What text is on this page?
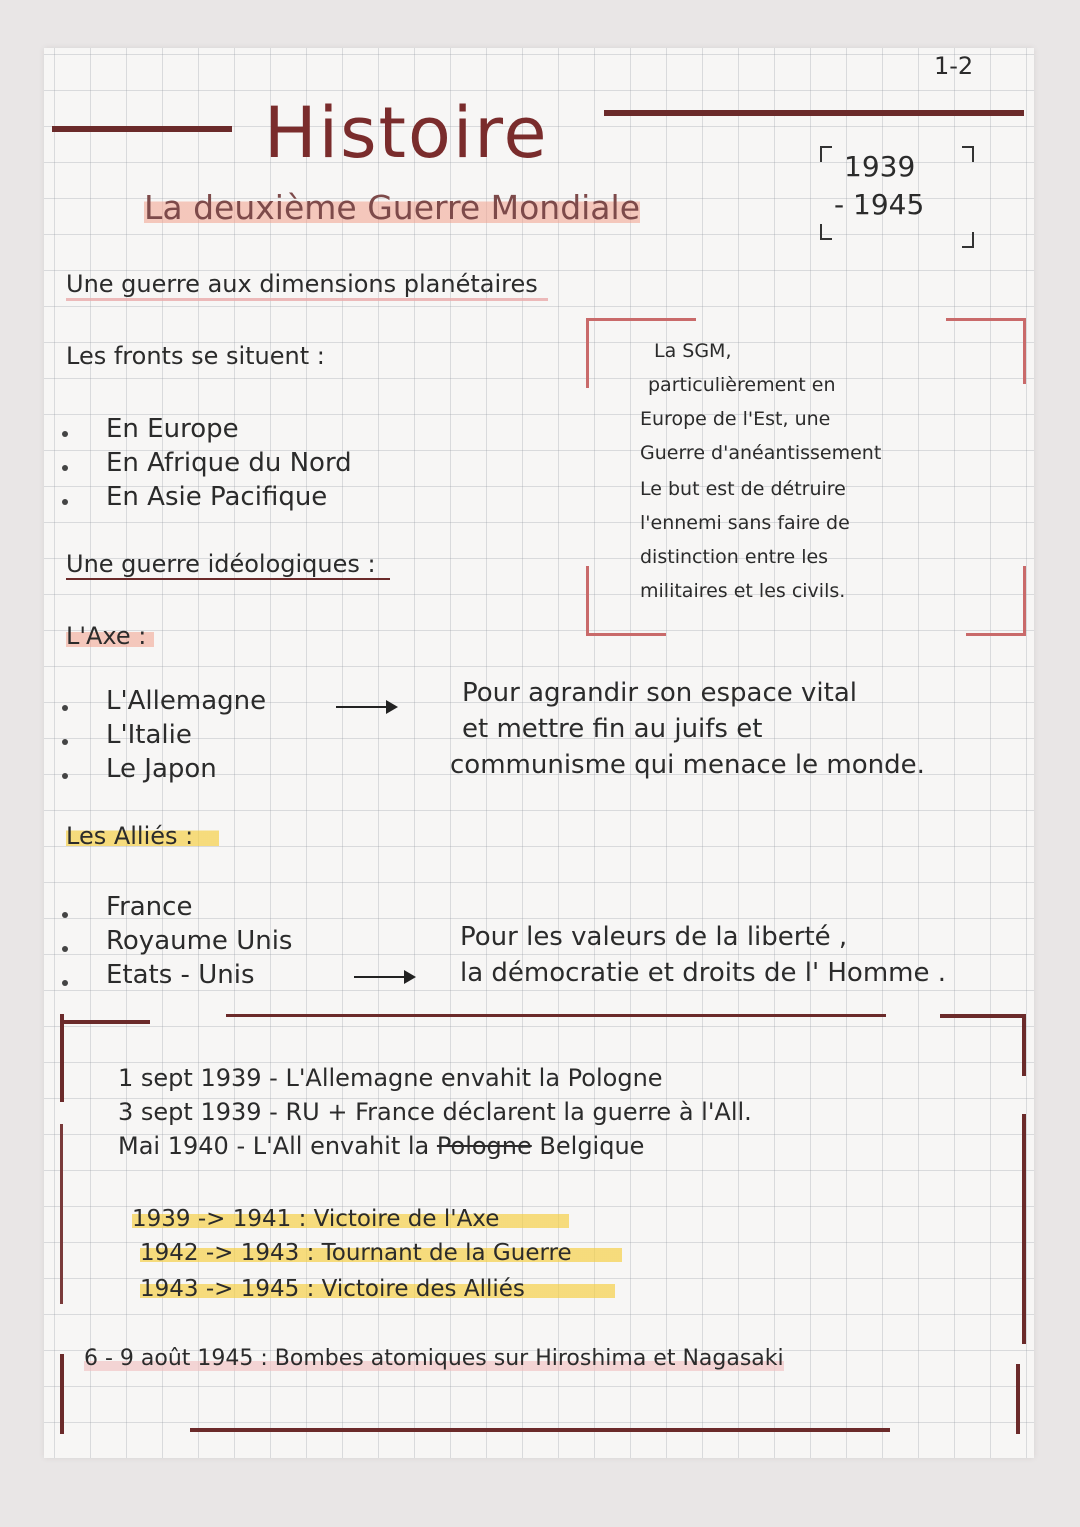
1-2
Histoire
La deuxième Guerre Mondiale
1939
- 1945
Une guerre aux dimensions planétaires
Les fronts se situent :
En Europe
En Afrique du Nord
En Asie Pacifique
La SGM,
particulièrement en
Europe de l'Est, une
Guerre d'anéantissement
Le but est de détruire
l'ennemi sans faire de
distinction entre les
militaires et les civils.
Une guerre idéologiques :
L'Axe :
L'Allemagne
L'Italie
Le Japon
Pour agrandir son espace vital
et mettre fin au juifs et
communisme qui menace le monde.
Les Alliés :
France
Royaume Unis
Etats - Unis
Pour les valeurs de la liberté ,
la démocratie et droits de l' Homme .
1 sept 1939 - L'Allemagne envahit la Pologne
3 sept 1939 - RU + France déclarent la guerre à l'All.
Mai 1940 - L'All envahit la Pologne Belgique
1939 -> 1941 : Victoire de l'Axe
1942 -> 1943 : Tournant de la Guerre
1943 -> 1945 : Victoire des Alliés
6 - 9 août 1945 : Bombes atomiques sur Hiroshima et Nagasaki
